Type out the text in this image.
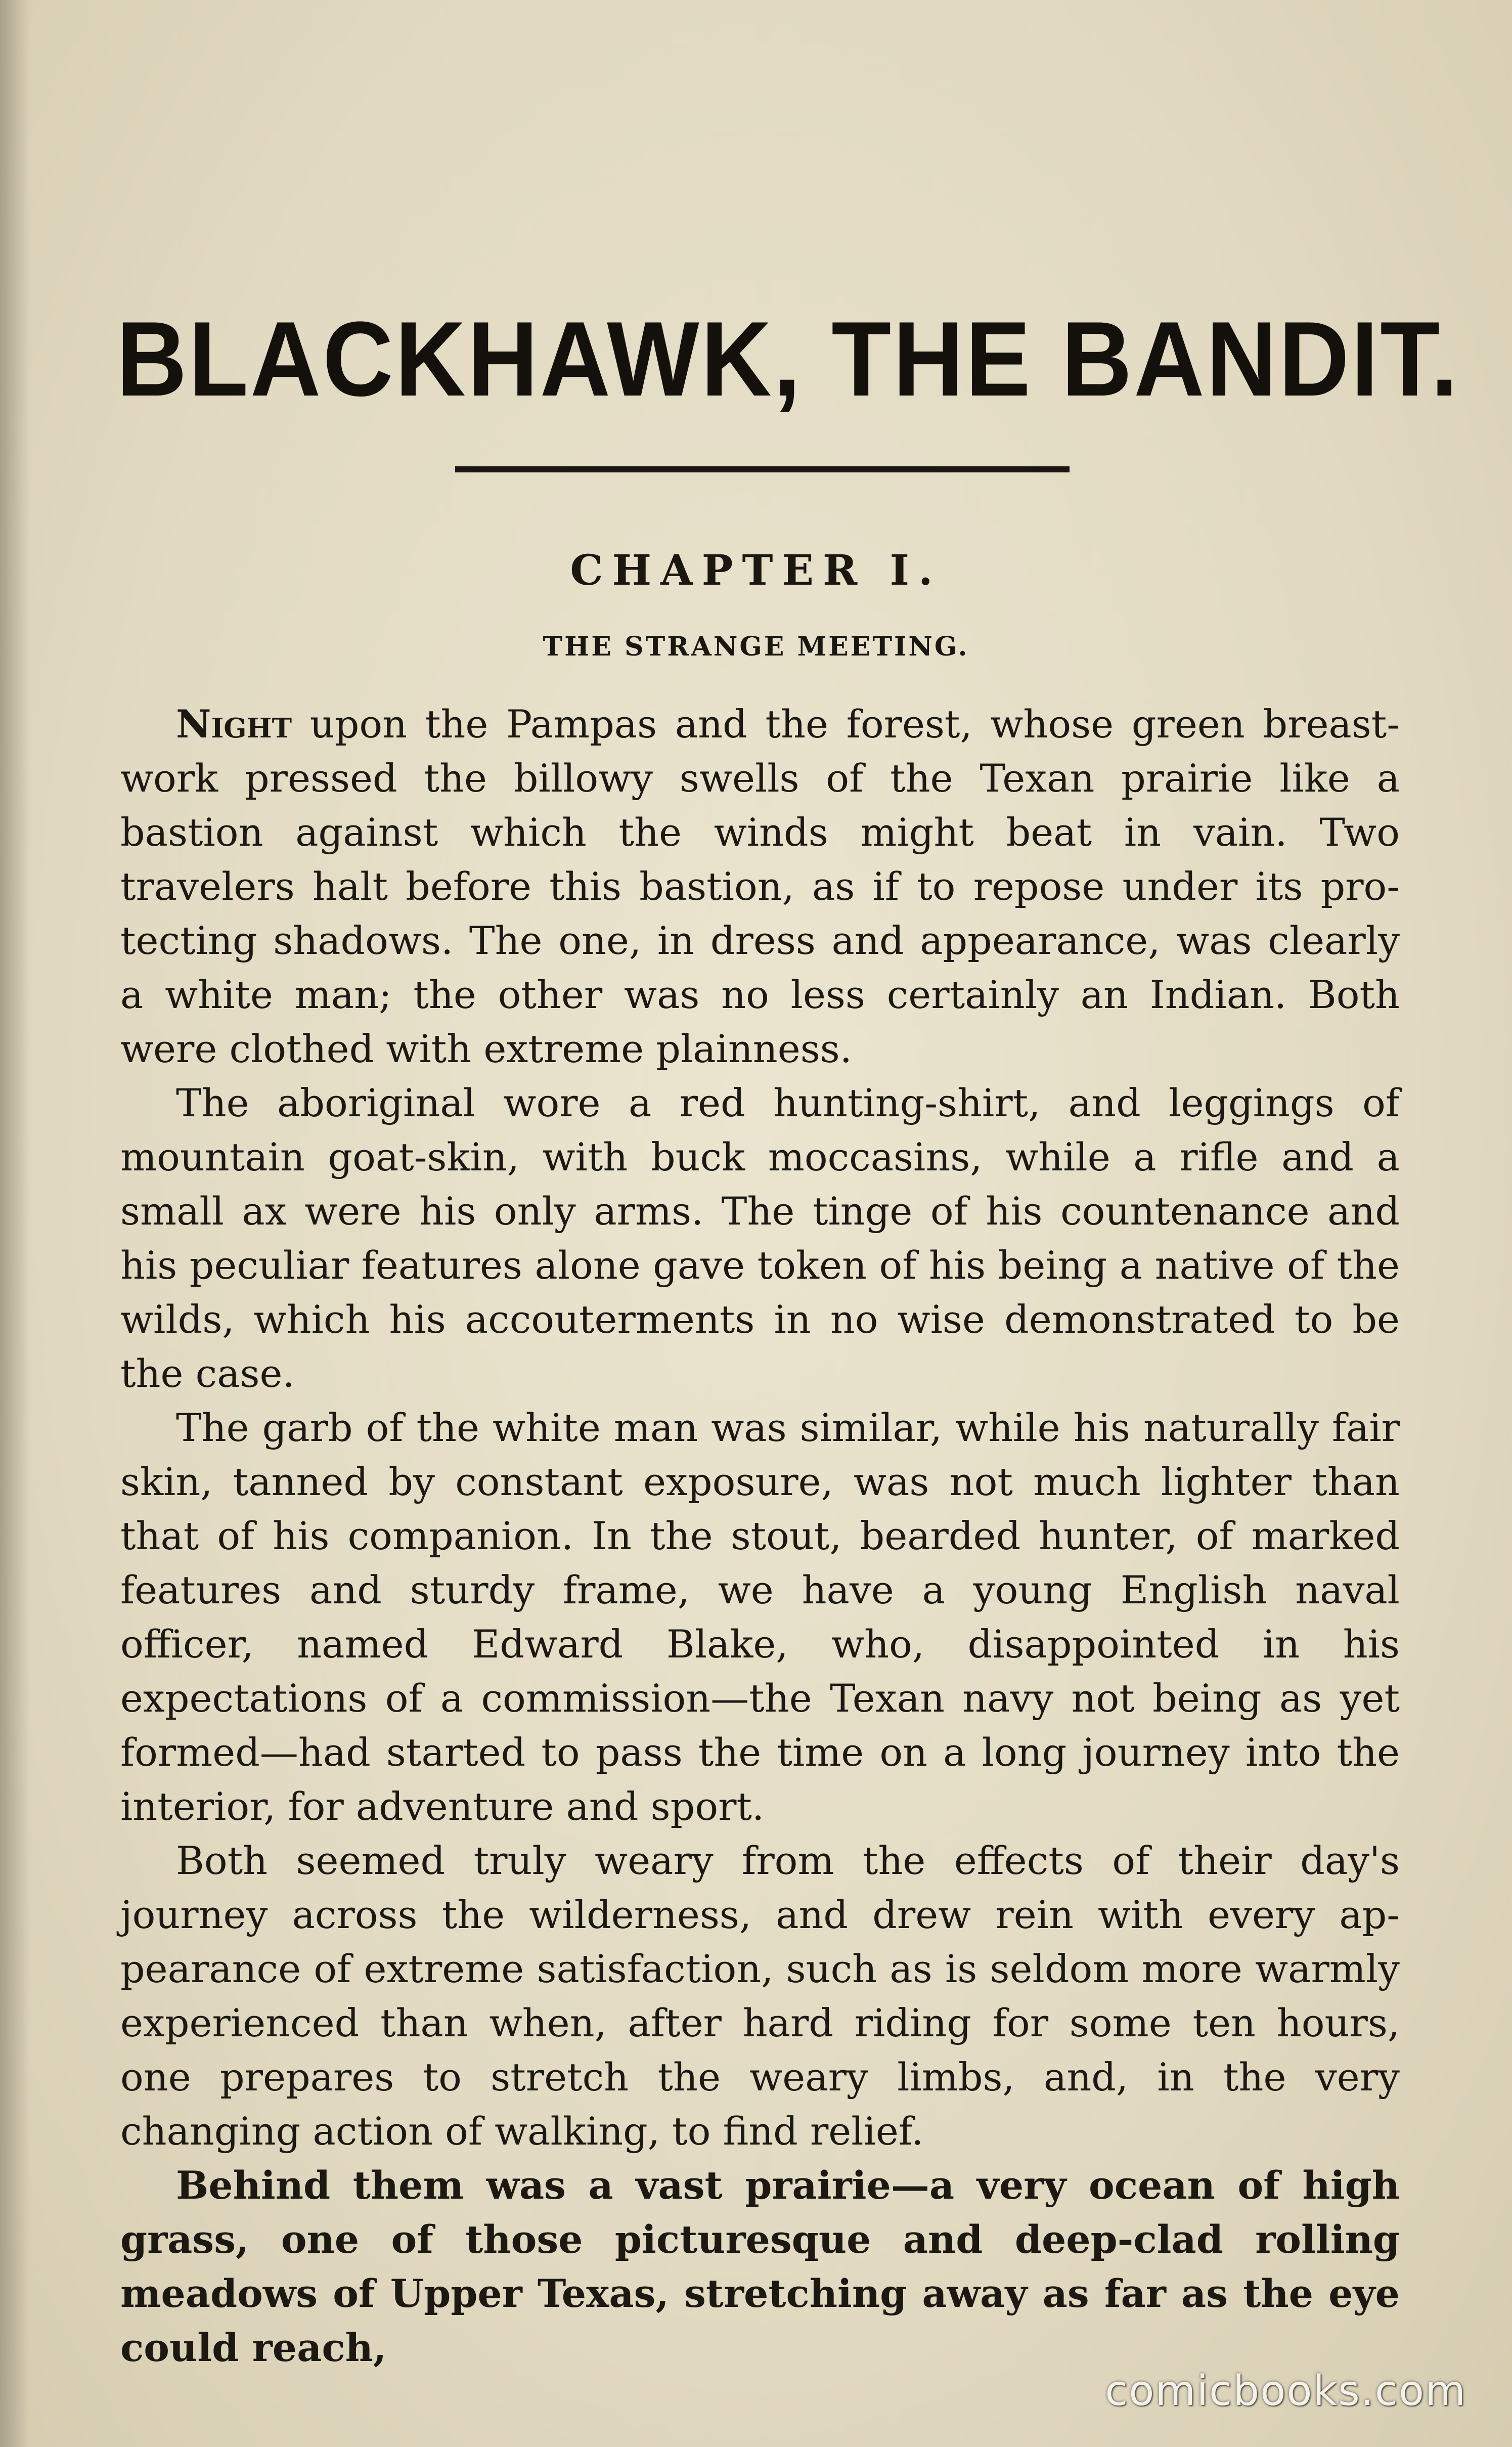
BLACKHAWK, THE BANDIT.
CHAPTER I.
THE STRANGE MEETING.

Night upon the Pampas and the forest, whose green breastwork pressed the billowy swells of the Texan prairie like a bastion against which the winds might beat in vain. Two travelers halt before this bastion, as if to repose under its protecting shadows. The one, in dress and appearance, was clearly a white man; the other was no less certainly an Indian. Both were clothed with extreme plainness.

The aboriginal wore a red hunting-shirt, and leggings of mountain goat-skin, with buck moccasins, while a rifle and a small ax were his only arms. The tinge of his countenance and his peculiar features alone gave token of his being a native of the wilds, which his accouterments in no wise demonstrated to be the case.

The garb of the white man was similar, while his naturally fair skin, tanned by constant exposure, was not much lighter than that of his companion. In the stout, bearded hunter, of marked features and sturdy frame, we have a young English naval officer, named Edward Blake, who, disappointed in his expectations of a commission—the Texan navy not being as yet formed—had started to pass the time on a long journey into the interior, for adventure and sport.

Both seemed truly weary from the effects of their day's journey across the wilderness, and drew rein with every appearance of extreme satisfaction, such as is seldom more warmly experienced than when, after hard riding for some ten hours, one prepares to stretch the weary limbs, and, in the very changing action of walking, to find relief.

Behind them was a vast prairie—a very ocean of high grass, one of those picturesque and deep-clad rolling meadows of Upper Texas, stretching away as far as the eye could reach,

comicbooks.com
